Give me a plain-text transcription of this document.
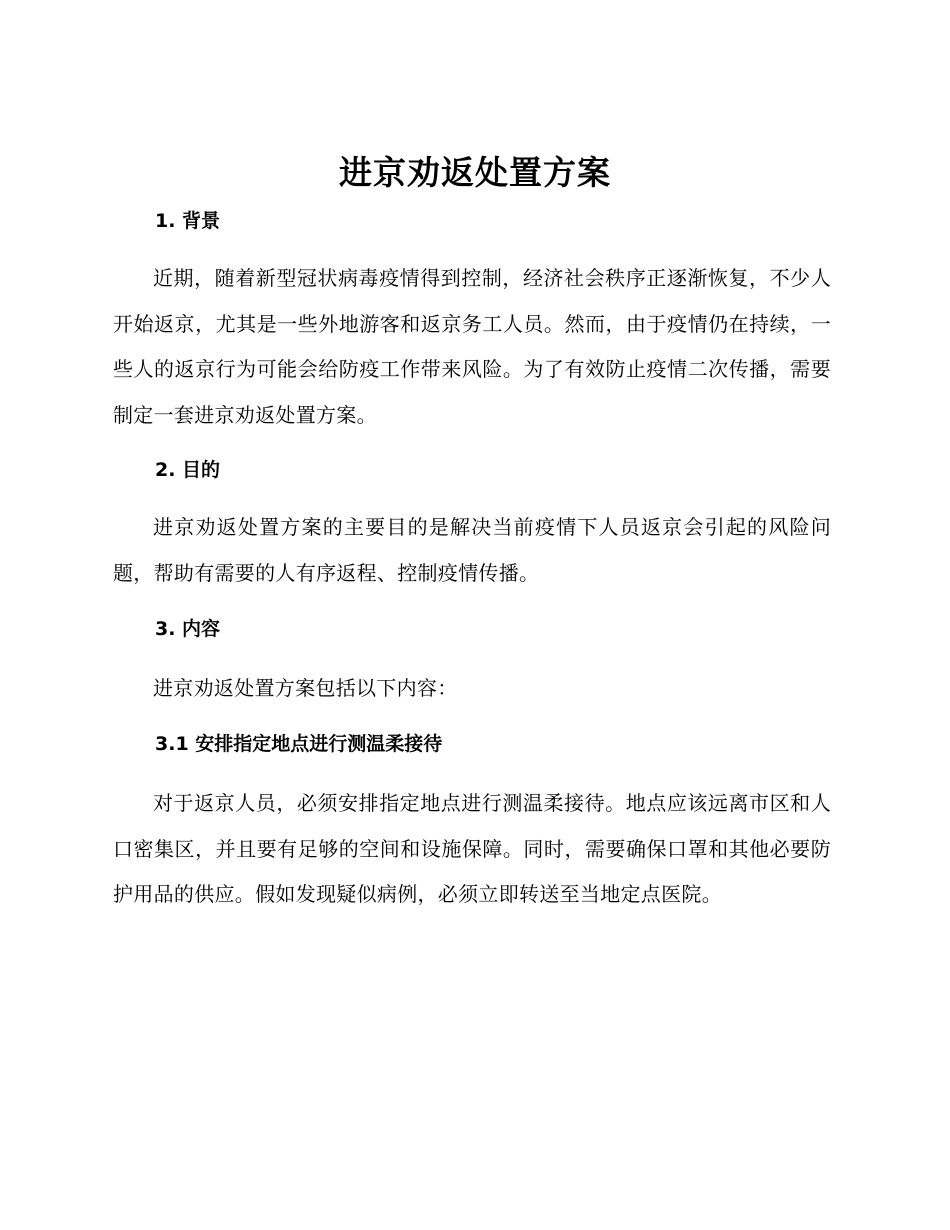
进京劝返处置方案
1. 背景
近期，随着新型冠状病毒疫情得到控制，经济社会秩序正逐渐恢复，不少人开始返京，尤其是一些外地游客和返京务工人员。然而，由于疫情仍在持续，一些人的返京行为可能会给防疫工作带来风险。为了有效防止疫情二次传播，需要制定一套进京劝返处置方案。
2. 目的
进京劝返处置方案的主要目的是解决当前疫情下人员返京会引起的风险问题，帮助有需要的人有序返程、控制疫情传播。
3. 内容
进京劝返处置方案包括以下内容：
3.1 安排指定地点进行测温柔接待
对于返京人员，必须安排指定地点进行测温柔接待。地点应该远离市区和人口密集区，并且要有足够的空间和设施保障。同时，需要确保口罩和其他必要防护用品的供应。假如发现疑似病例，必须立即转送至当地定点医院。
